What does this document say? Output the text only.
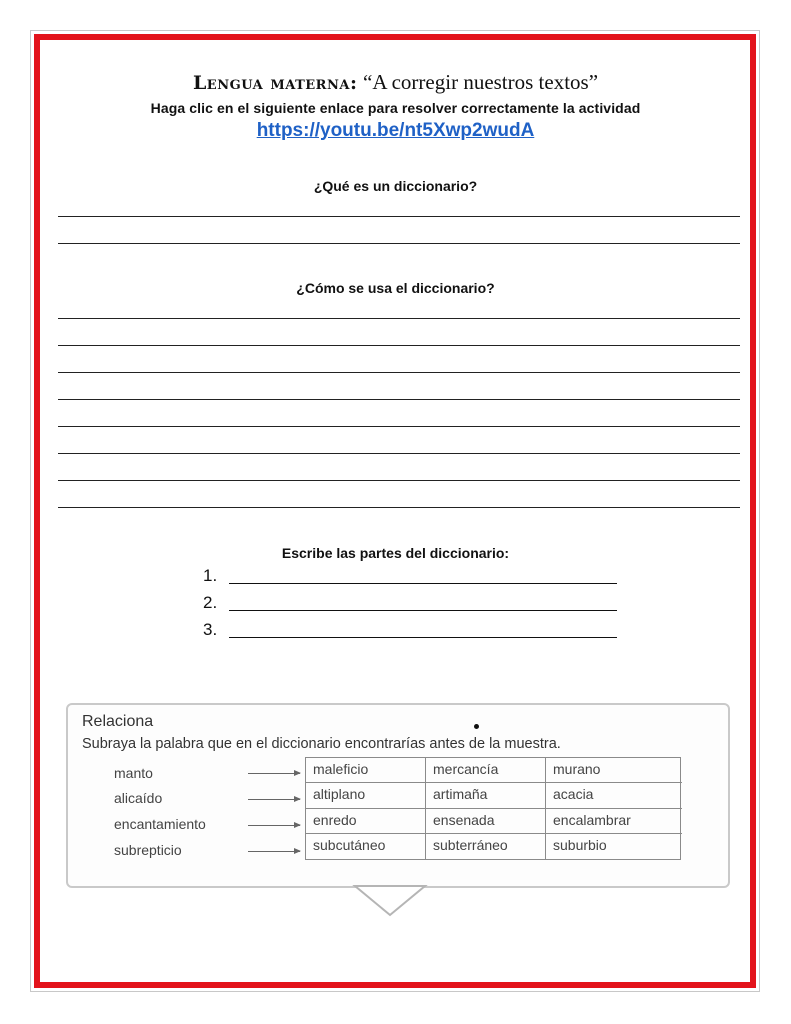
Lengua materna: “A corregir nuestros textos”
Haga clic en el siguiente enlace para resolver correctamente la actividad
https://youtu.be/nt5Xwp2wudA
¿Qué es un diccionario?
¿Cómo se usa el diccionario?
Escribe las partes del diccionario:
1.
2.
3.
Relaciona
Subraya la palabra que en el diccionario encontrarías antes de la muestra.
manto
alicaído
encantamiento
subrepticio
maleficio	mercancía	murano
altiplano	artimaña	acacia
enredo	ensenada	encalambrar
subcutáneo	subterráneo	suburbio
